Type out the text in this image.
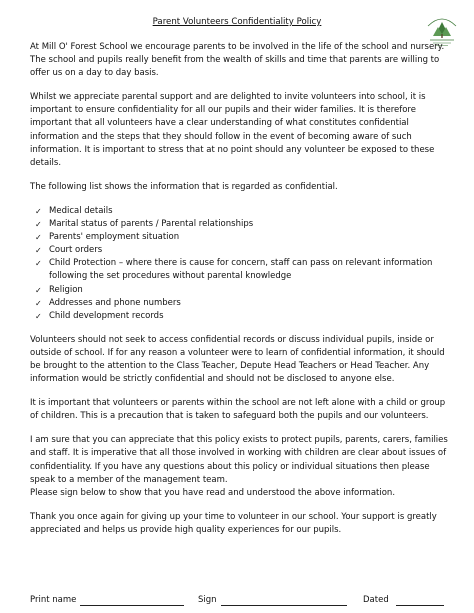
Parent Volunteers Confidentiality Policy

At Mill O' Forest School we encourage parents to be involved in the life of the school and nursery. The school and pupils really benefit from the wealth of skills and time that parents are willing to offer us on a day to day basis.

Whilst we appreciate parental support and are delighted to invite volunteers into school, it is important to ensure confidentiality for all our pupils and their wider families. It is therefore important that all volunteers have a clear understanding of what constitutes confidential information and the steps that they should follow in the event of becoming aware of such information. It is important to stress that at no point should any volunteer be exposed to these details.

The following list shows the information that is regarded as confidential.

✓ Medical details
✓ Marital status of parents / Parental relationships
✓ Parents' employment situation
✓ Court orders
✓ Child Protection – where there is cause for concern, staff can pass on relevant information following the set procedures without parental knowledge
✓ Religion
✓ Addresses and phone numbers
✓ Child development records

Volunteers should not seek to access confidential records or discuss individual pupils, inside or outside of school. If for any reason a volunteer were to learn of confidential information, it should be brought to the attention to the Class Teacher, Depute Head Teachers or Head Teacher. Any information would be strictly confidential and should not be disclosed to anyone else.

It is important that volunteers or parents within the school are not left alone with a child or group of children. This is a precaution that is taken to safeguard both the pupils and our volunteers.

I am sure that you can appreciate that this policy exists to protect pupils, parents, carers, families and staff. It is imperative that all those involved in working with children are clear about issues of confidentiality. If you have any questions about this policy or individual situations then please speak to a member of the management team.

Please sign below to show that you have read and understood the above information.

Thank you once again for giving up your time to volunteer in our school. Your support is greatly appreciated and helps us provide high quality experiences for our pupils.

Print name	Sign	Dated
